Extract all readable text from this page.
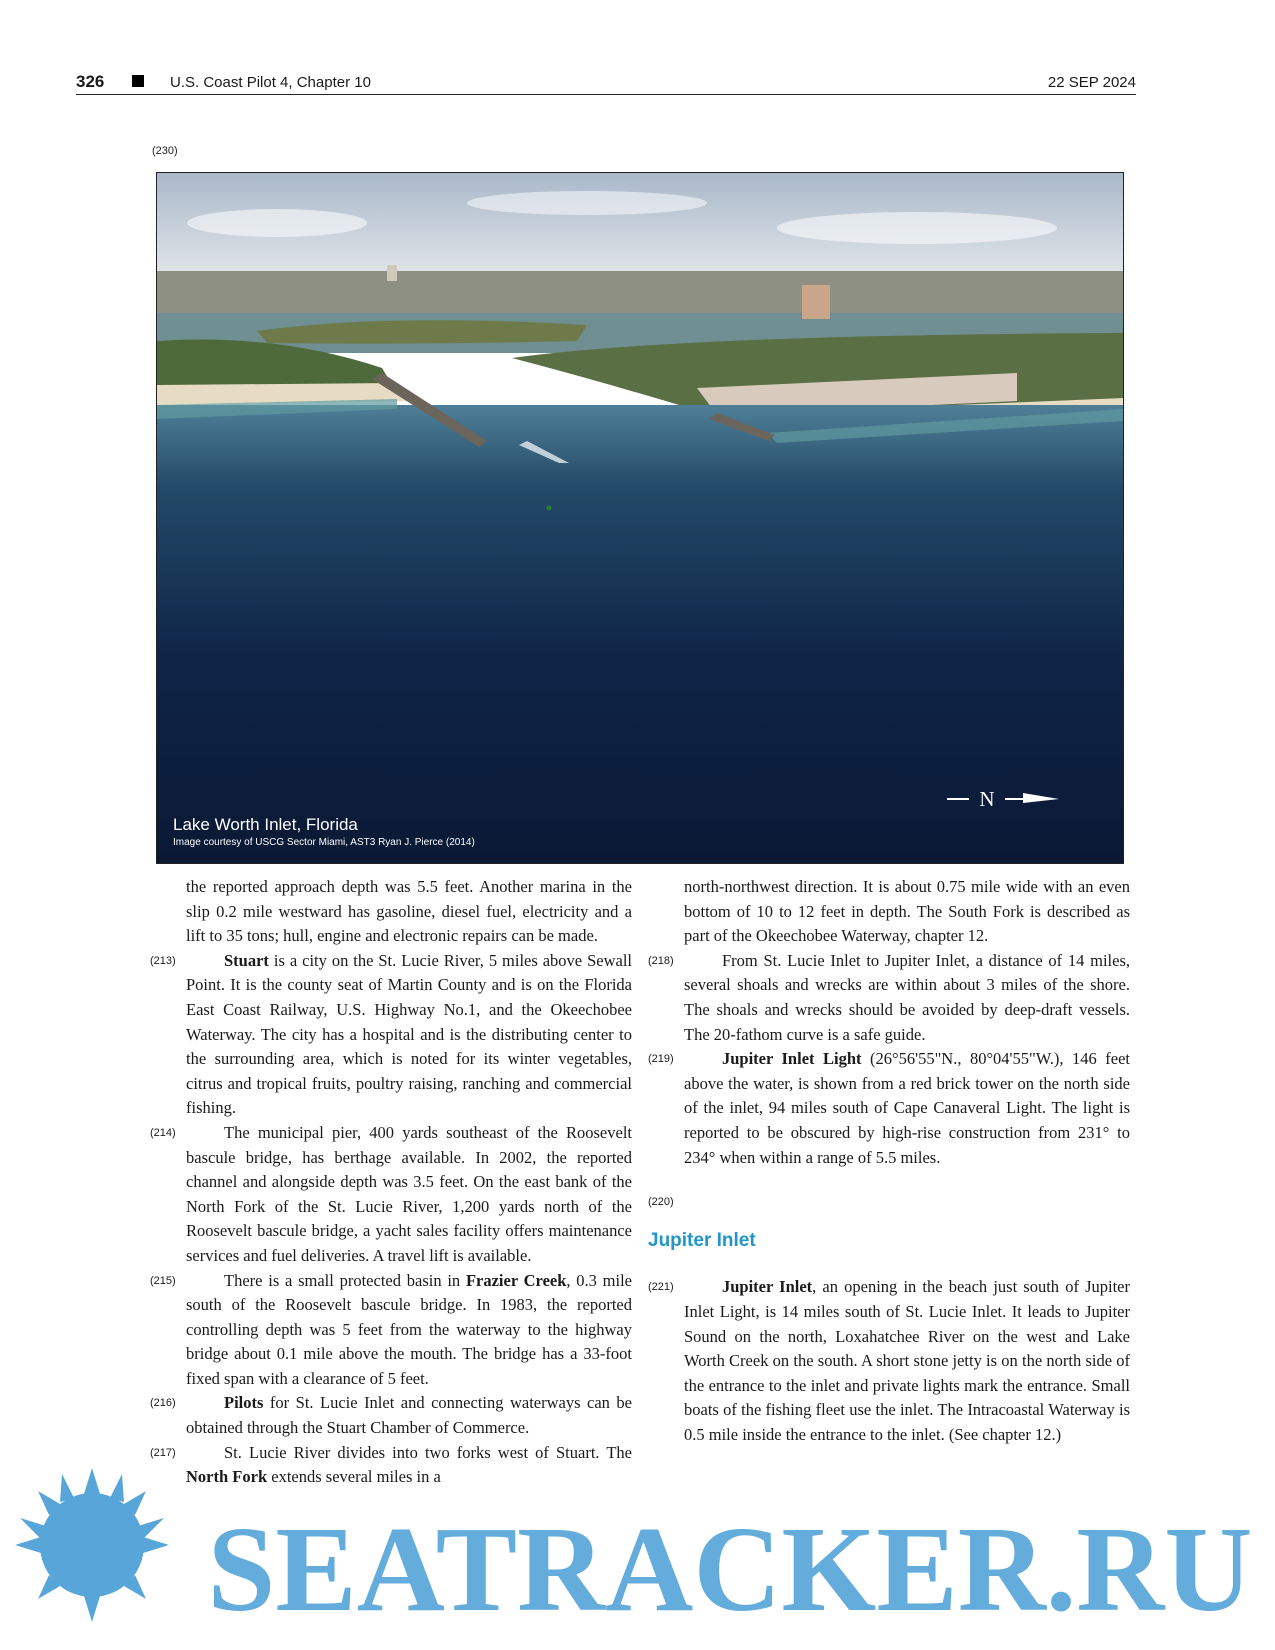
326	U.S. Coast Pilot 4, Chapter 10	22 SEP 2024
(230)
N
Lake Worth Inlet, Florida
Image courtesy of USCG Sector Miami, AST3 Ryan J. Pierce (2014)

the reported approach depth was 5.5 feet. Another marina in the slip 0.2 mile westward has gasoline, diesel fuel, electricity and a lift to 35 tons; hull, engine and electronic repairs can be made.

(213)	Stuart is a city on the St. Lucie River, 5 miles above Sewall Point. It is the county seat of Martin County and is on the Florida East Coast Railway, U.S. Highway No.1, and the Okeechobee Waterway. The city has a hospital and is the distributing center to the surrounding area, which is noted for its winter vegetables, citrus and tropical fruits, poultry raising, ranching and commercial fishing.

(214)	The municipal pier, 400 yards southeast of the Roosevelt bascule bridge, has berthage available. In 2002, the reported channel and alongside depth was 3.5 feet. On the east bank of the North Fork of the St. Lucie River, 1,200 yards north of the Roosevelt bascule bridge, a yacht sales facility offers maintenance services and fuel deliveries. A travel lift is available.

(215)	There is a small protected basin in Frazier Creek, 0.3 mile south of the Roosevelt bascule bridge. In 1983, the reported controlling depth was 5 feet from the waterway to the highway bridge about 0.1 mile above the mouth. The bridge has a 33-foot fixed span with a clearance of 5 feet.

(216)	Pilots for St. Lucie Inlet and connecting waterways can be obtained through the Stuart Chamber of Commerce.

(217)	St. Lucie River divides into two forks west of Stuart. The North Fork extends several miles in a

north-northwest direction. It is about 0.75 mile wide with an even bottom of 10 to 12 feet in depth. The South Fork is described as part of the Okeechobee Waterway, chapter 12.

(218)	From St. Lucie Inlet to Jupiter Inlet, a distance of 14 miles, several shoals and wrecks are within about 3 miles of the shore. The shoals and wrecks should be avoided by deep-draft vessels. The 20-fathom curve is a safe guide.

(219)	Jupiter Inlet Light (26°56'55"N., 80°04'55"W.), 146 feet above the water, is shown from a red brick tower on the north side of the inlet, 94 miles south of Cape Canaveral Light. The light is reported to be obscured by high-rise construction from 231° to 234° when within a range of 5.5 miles.

(220)

Jupiter Inlet

(221)	Jupiter Inlet, an opening in the beach just south of Jupiter Inlet Light, is 14 miles south of St. Lucie Inlet. It leads to Jupiter Sound on the north, Loxahatchee River on the west and Lake Worth Creek on the south. A short stone jetty is on the north side of the entrance to the inlet and private lights mark the entrance. Small boats of the fishing fleet use the inlet. The Intracoastal Waterway is 0.5 mile inside the entrance to the inlet. (See chapter 12.)

SEATRACKER.RU
